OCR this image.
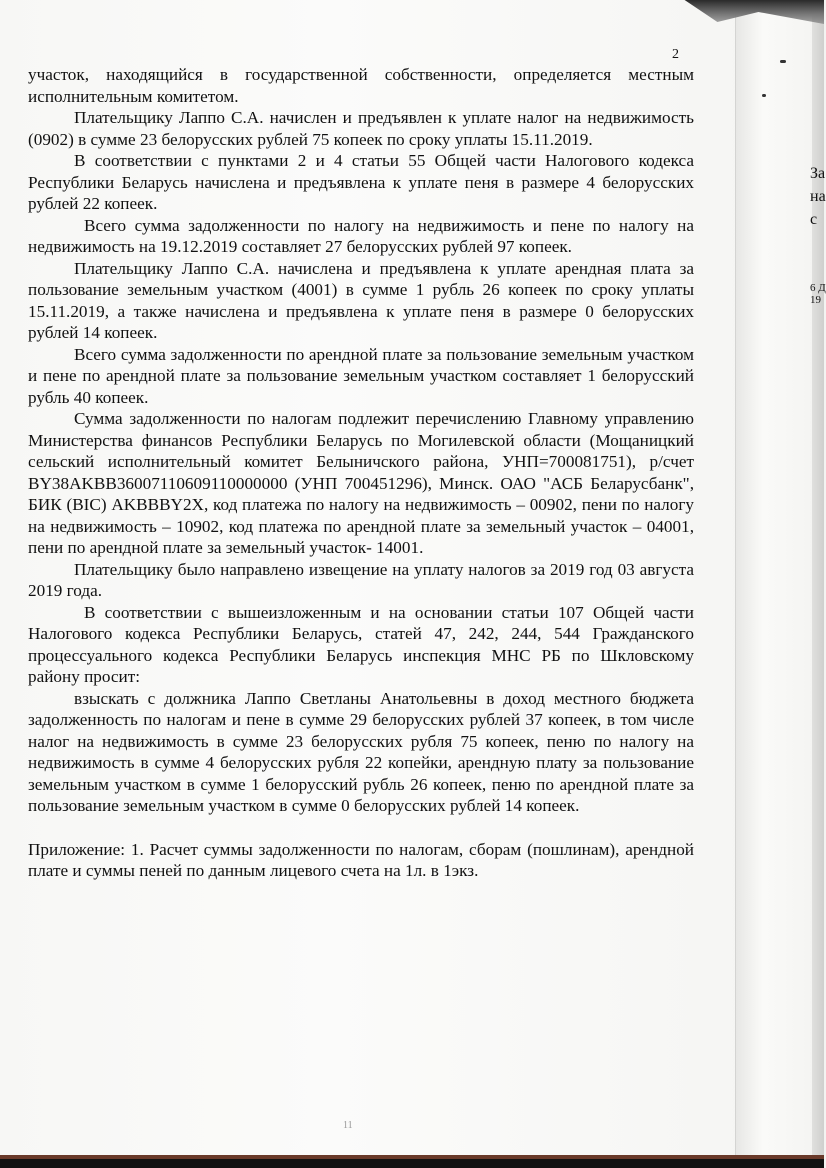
2

участок, находящийся в государственной собственности, определяется местным исполнительным комитетом.

Плательщику Лаппо С.А. начислен и предъявлен к уплате налог на недвижимость (0902) в сумме 23 белорусских рублей 75 копеек по сроку уплаты 15.11.2019.

В соответствии с пунктами 2 и 4 статьи 55 Общей части Налогового кодекса Республики Беларусь начислена и предъявлена к уплате пеня в размере 4 белорусских рублей 22 копеек.

Всего сумма задолженности по налогу на недвижимость и пене по налогу на недвижимость на 19.12.2019 составляет 27 белорусских рублей 97 копеек.

Плательщику Лаппо С.А. начислена и предъявлена к уплате арендная плата за пользование земельным участком (4001) в сумме 1 рубль 26 копеек по сроку уплаты 15.11.2019, а также начислена и предъявлена к уплате пеня в размере 0 белорусских рублей 14 копеек.

Всего сумма задолженности по арендной плате за пользование земельным участком и пене по арендной плате за пользование земельным участком составляет 1 белорусский рубль 40 копеек.

Сумма задолженности по налогам подлежит перечислению Главному управлению Министерства финансов Республики Беларусь по Могилевской области (Мощаницкий сельский исполнительный комитет Белыничского района, УНП=700081751), р/счет BY38AKBB36007110609110000000 (УНП 700451296), Минск. ОАО "АСБ Беларусбанк", БИК (BIC) AKBBBY2X, код платежа по налогу на недвижимость – 00902, пени по налогу на недвижимость – 10902, код платежа по арендной плате за земельный участок – 04001, пени по арендной плате за земельный участок- 14001.

Плательщику было направлено извещение на уплату налогов за 2019 год 03 августа 2019 года.

В соответствии с вышеизложенным и на основании статьи 107 Общей части Налогового кодекса Республики Беларусь, статей 47, 242, 244, 544 Гражданского процессуального кодекса Республики Беларусь инспекция МНС РБ по Шкловскому району просит:

взыскать с должника Лаппо Светланы Анатольевны в доход местного бюджета задолженность по налогам и пене в сумме 29 белорусских рублей 37 копеек, в том числе налог на недвижимость в сумме 23 белорусских рубля 75 копеек, пеню по налогу на недвижимость в сумме 4 белорусских рубля 22 копейки, арендную плату за пользование земельным участком в сумме 1 белорусский рубль 26 копеек, пеню по арендной плате за пользование земельным участком в сумме 0 белорусских рублей 14 копеек.

Приложение: 1. Расчет суммы задолженности по налогам, сборам (пошлинам), арендной плате и суммы пеней по данным лицевого счета на 1л. в 1экз.

За
на
с
6 Д
19
11
